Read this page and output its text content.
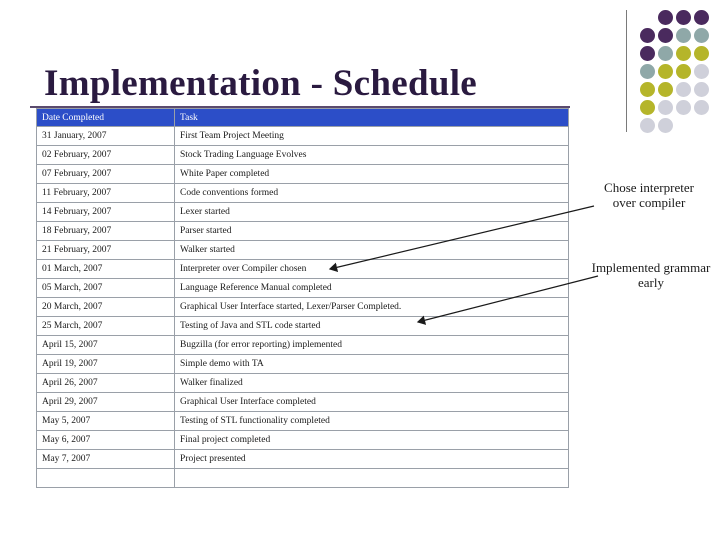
Implementation - Schedule
Date Completed	Task
31 January, 2007	First Team Project Meeting
02 February, 2007	Stock Trading Language Evolves
07 February, 2007	White Paper completed
11 February, 2007	Code conventions formed
14 February, 2007	Lexer started
18 February, 2007	Parser started
21 February, 2007	Walker started
01 March, 2007	Interpreter over Compiler chosen
05 March, 2007	Language Reference Manual completed
20 March, 2007	Graphical User Interface started, Lexer/Parser Completed.
25 March, 2007	Testing of Java and STL code started
April 15, 2007	Bugzilla (for error reporting) implemented
April 19, 2007	Simple demo with TA
April 26, 2007	Walker finalized
April 29, 2007	Graphical User Interface completed
May 5, 2007	Testing of STL functionality completed
May 6, 2007	Final project completed
May 7, 2007	Project presented

Chose interpreter
over compiler
Implemented grammar
early
